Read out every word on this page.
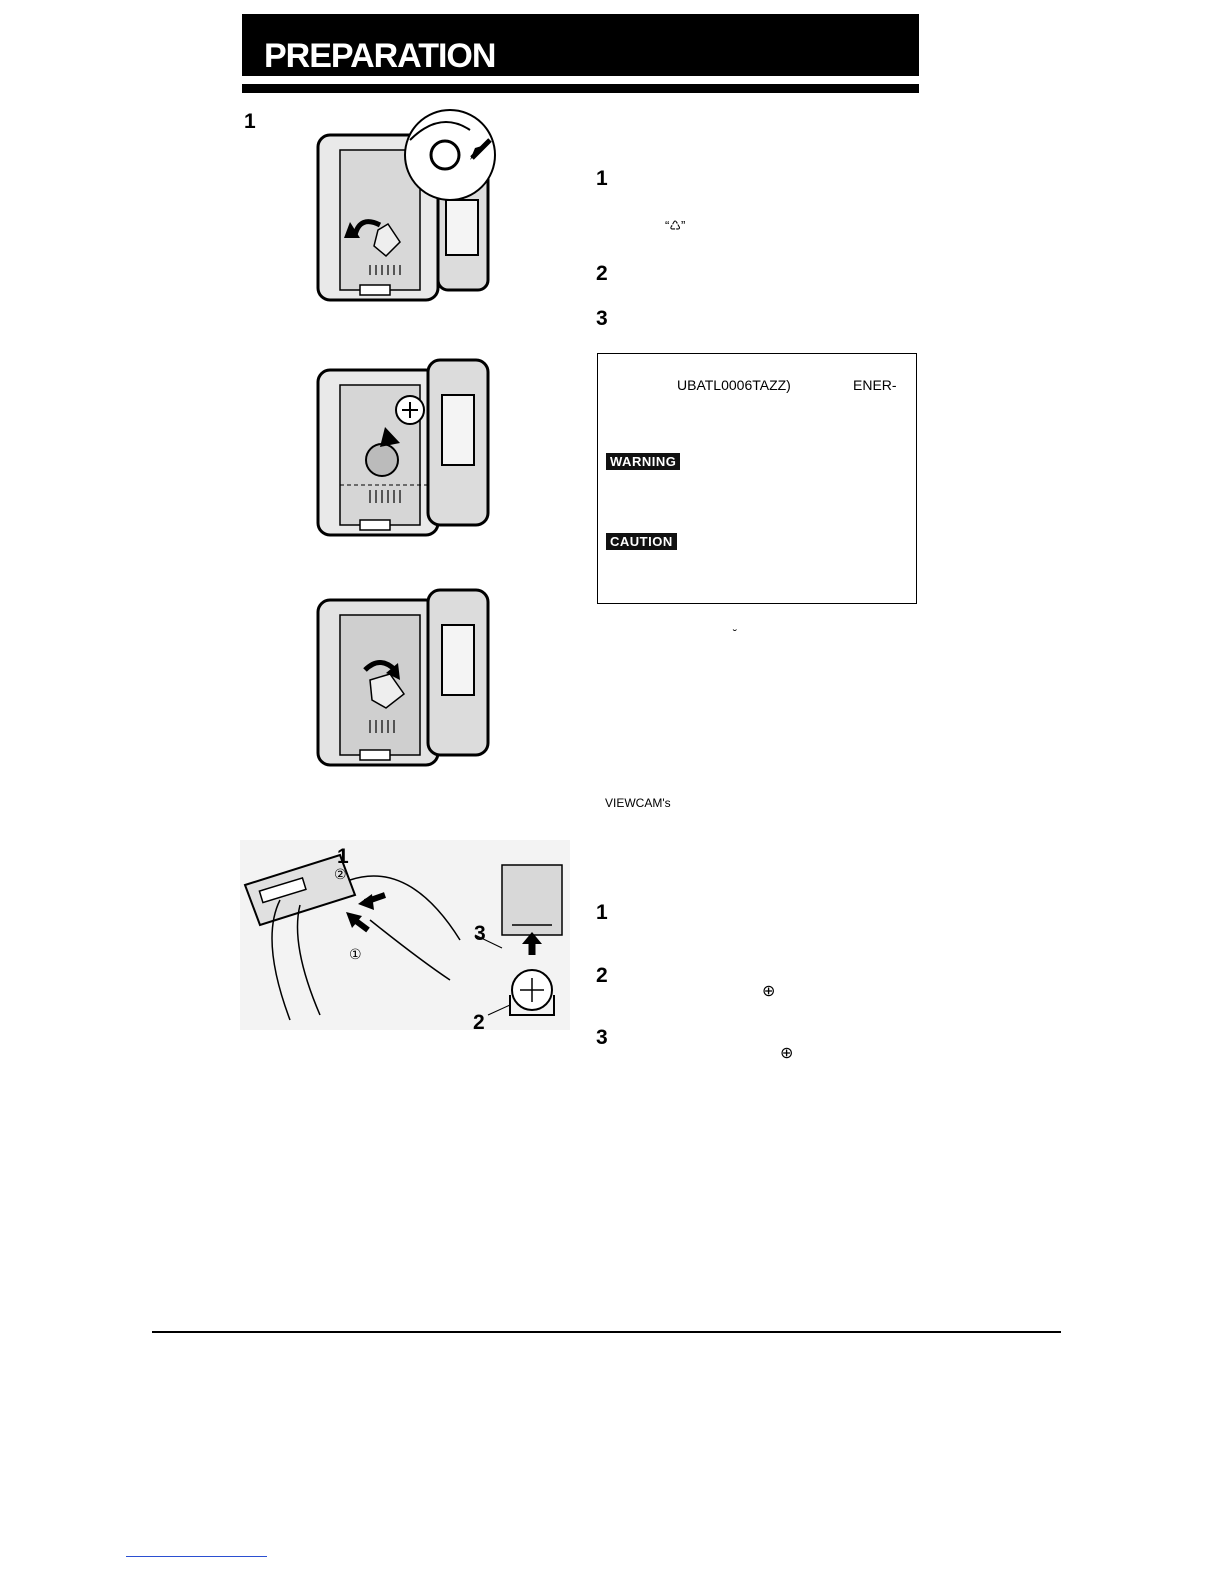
PREPARATION
1
1
3
2
②
①
1
“♺”
2
3
UBATL0006TAZZ)	ENER-
WARNING
CAUTION
˘
VIEWCAM's
1
2
⊕
3
⊕
